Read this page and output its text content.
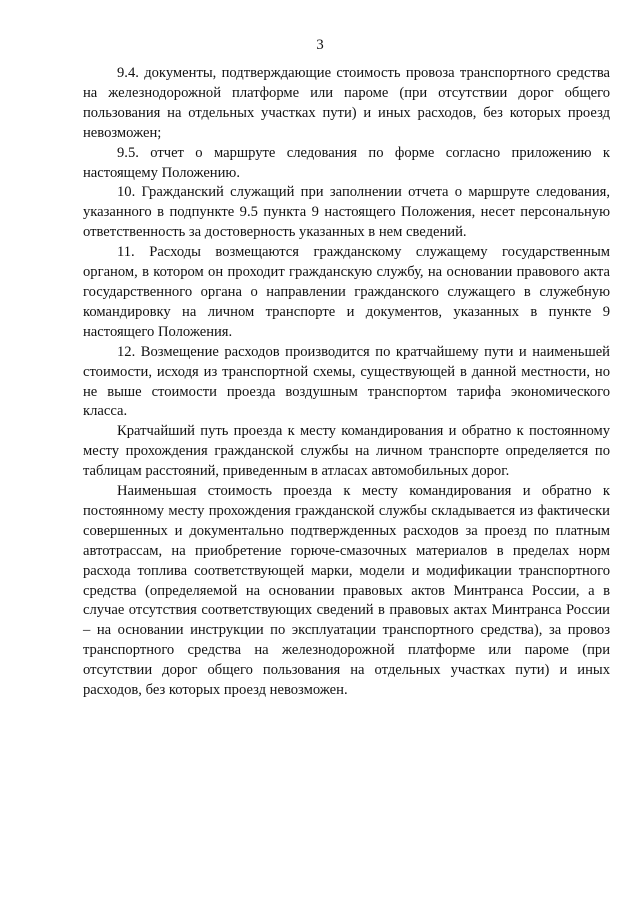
3

9.4. документы, подтверждающие стоимость провоза транспортного средства на железнодорожной платформе или пароме (при отсутствии дорог общего пользования на отдельных участках пути) и иных расходов, без которых проезд невозможен;

9.5. отчет о маршруте следования по форме согласно приложению к настоящему Положению.

10. Гражданский служащий при заполнении отчета о маршруте следования, указанного в подпункте 9.5 пункта 9 настоящего Положения, несет персональную ответственность за достоверность указанных в нем сведений.

11. Расходы возмещаются гражданскому служащему государственным органом, в котором он проходит гражданскую службу, на основании правового акта государственного органа о направлении гражданского служащего в служебную командировку на личном транспорте и документов, указанных в пункте 9 настоящего Положения.

12. Возмещение расходов производится по кратчайшему пути и наименьшей стоимости, исходя из транспортной схемы, существующей в данной местности, но не выше стоимости проезда воздушным транспортом тарифа экономического класса.

Кратчайший путь проезда к месту командирования и обратно к постоянному месту прохождения гражданской службы на личном транспорте определяется по таблицам расстояний, приведенным в атласах автомобильных дорог.

Наименьшая стоимость проезда к месту командирования и обратно к постоянному месту прохождения гражданской службы складывается из фактически совершенных и документально подтвержденных расходов за проезд по платным автотрассам, на приобретение горюче-смазочных материалов в пределах норм расхода топлива соответствующей марки, модели и модификации транспортного средства (определяемой на основании правовых актов Минтранса России, а в случае отсутствия соответствующих сведений в правовых актах Минтранса России – на основании инструкции по эксплуатации транспортного средства), за провоз транспортного средства на железнодорожной платформе или пароме (при отсутствии дорог общего пользования на отдельных участках пути) и иных расходов, без которых проезд невозможен.
